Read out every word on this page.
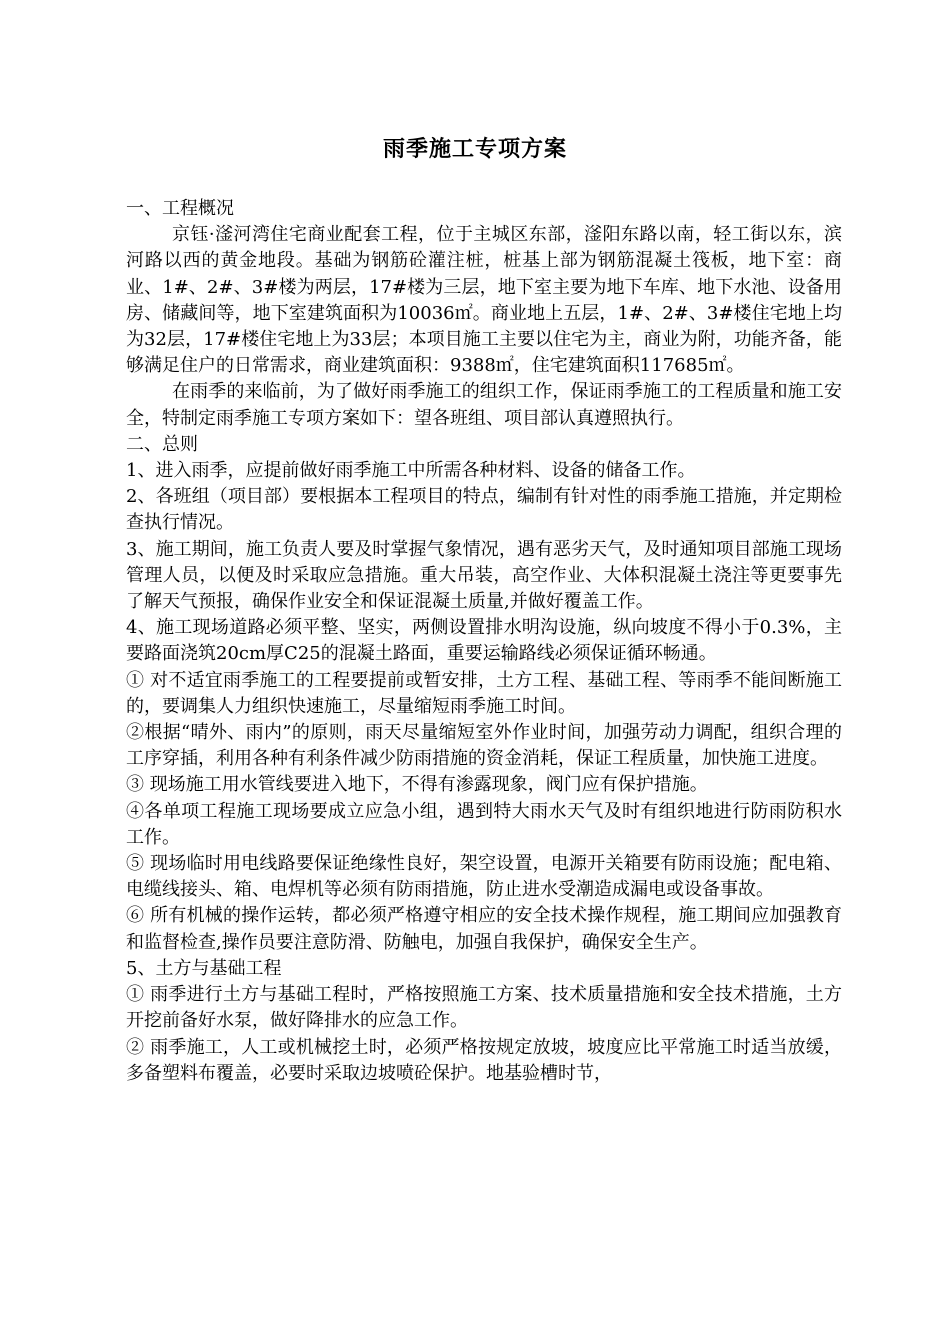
雨季施工专项方案

一、工程概况

京钰·滏河湾住宅商业配套工程，位于主城区东部，滏阳东路以南，轻工街以东，滨河路以西的黄金地段。基础为钢筋砼灌注桩，桩基上部为钢筋混凝土筏板，地下室：商业、1#、2#、3#楼为两层，17#楼为三层，地下室主要为地下车库、地下水池、设备用房、储藏间等，地下室建筑面积为10036㎡。商业地上五层，1#、2#、3#楼住宅地上均为32层，17#楼住宅地上为33层；本项目施工主要以住宅为主，商业为附，功能齐备，能够满足住户的日常需求，商业建筑面积：9388㎡，住宅建筑面积117685㎡。

在雨季的来临前，为了做好雨季施工的组织工作，保证雨季施工的工程质量和施工安全，特制定雨季施工专项方案如下：望各班组、项目部认真遵照执行。

二、总则

1、进入雨季，应提前做好雨季施工中所需各种材料、设备的储备工作。

2、各班组（项目部）要根据本工程项目的特点，编制有针对性的雨季施工措施，并定期检查执行情况。

3、施工期间，施工负责人要及时掌握气象情况，遇有恶劣天气，及时通知项目部施工现场管理人员，以便及时采取应急措施。重大吊装，高空作业、大体积混凝土浇注等更要事先了解天气预报，确保作业安全和保证混凝土质量,并做好覆盖工作。

4、施工现场道路必须平整、坚实，两侧设置排水明沟设施，纵向坡度不得小于0.3%，主要路面浇筑20cm厚C25的混凝土路面，重要运输路线必须保证循环畅通。

① 对不适宜雨季施工的工程要提前或暂安排，土方工程、基础工程、等雨季不能间断施工的，要调集人力组织快速施工，尽量缩短雨季施工时间。

②根据“晴外、雨内”的原则，雨天尽量缩短室外作业时间，加强劳动力调配，组织合理的工序穿插，利用各种有利条件减少防雨措施的资金消耗，保证工程质量，加快施工进度。

③ 现场施工用水管线要进入地下，不得有渗露现象，阀门应有保护措施。

④各单项工程施工现场要成立应急小组，遇到特大雨水天气及时有组织地进行防雨防积水工作。

⑤ 现场临时用电线路要保证绝缘性良好，架空设置，电源开关箱要有防雨设施；配电箱、电缆线接头、箱、电焊机等必须有防雨措施，防止进水受潮造成漏电或设备事故。

⑥ 所有机械的操作运转，都必须严格遵守相应的安全技术操作规程，施工期间应加强教育和监督检查,操作员要注意防滑、防触电，加强自我保护，确保安全生产。

5、土方与基础工程

① 雨季进行土方与基础工程时，严格按照施工方案、技术质量措施和安全技术措施，土方开挖前备好水泵，做好降排水的应急工作。

② 雨季施工，人工或机械挖土时，必须严格按规定放坡，坡度应比平常施工时适当放缓，多备塑料布覆盖，必要时采取边坡喷砼保护。地基验槽时节，
